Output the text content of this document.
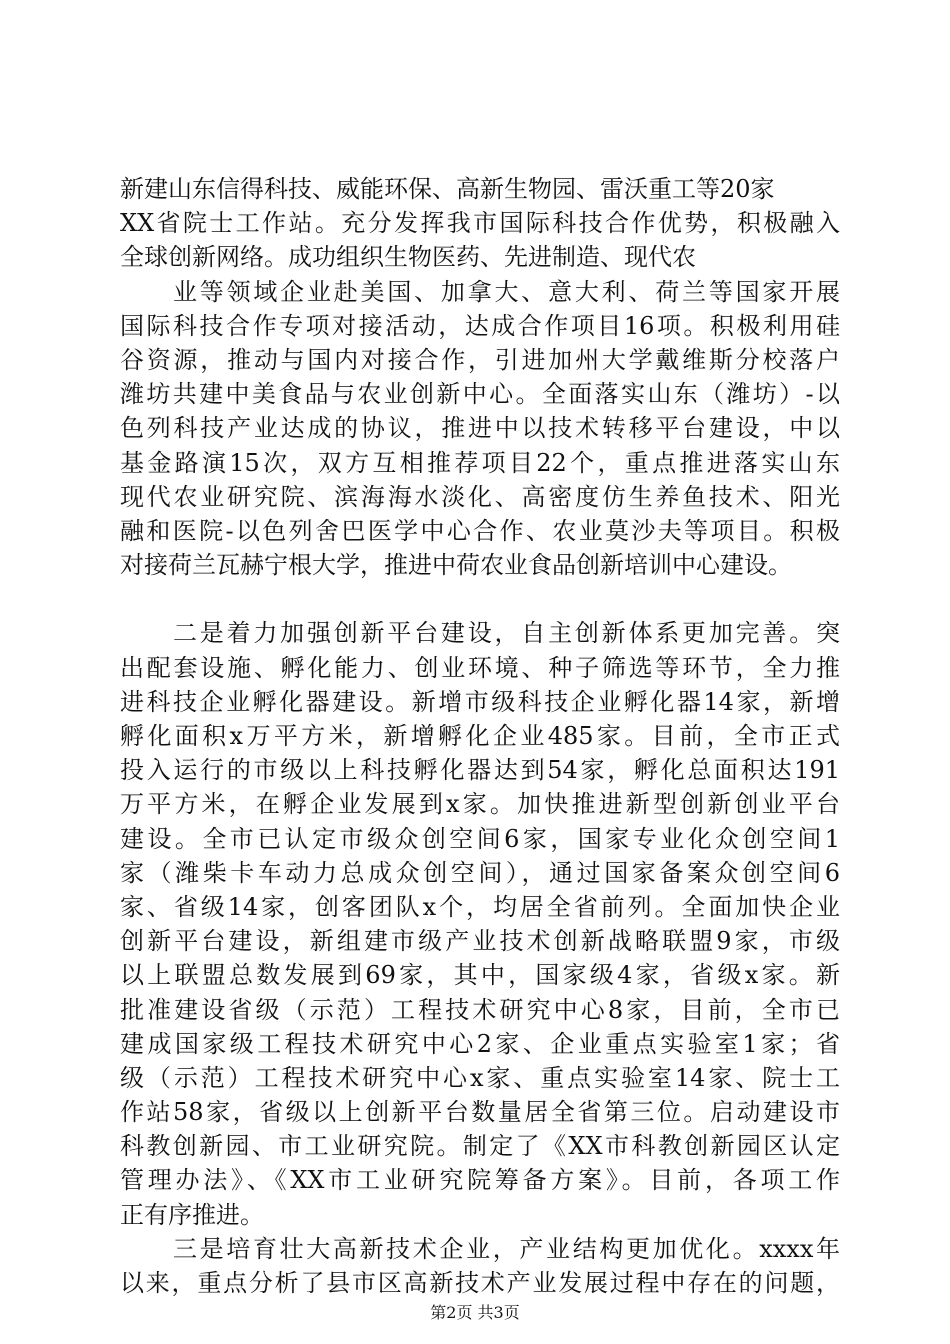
新建山东信得科技、威能环保、高新生物园、雷沃重工等20家
XX省院士工作站。充分发挥我市国际科技合作优势，积极融入
全球创新网络。成功组织生物医药、先进制造、现代农
业等领域企业赴美国、加拿大、意大利、荷兰等国家开展
国际科技合作专项对接活动，达成合作项目16项。积极利用硅
谷资源，推动与国内对接合作，引进加州大学戴维斯分校落户
潍坊共建中美食品与农业创新中心。全面落实山东（潍坊）-以
色列科技产业达成的协议，推进中以技术转移平台建设，中以
基金路演15次，双方互相推荐项目22个，重点推进落实山东
现代农业研究院、滨海海水淡化、高密度仿生养鱼技术、阳光
融和医院-以色列舍巴医学中心合作、农业莫沙夫等项目。积极
对接荷兰瓦赫宁根大学，推进中荷农业食品创新培训中心建设。
二是着力加强创新平台建设，自主创新体系更加完善。突
出配套设施、孵化能力、创业环境、种子筛选等环节，全力推
进科技企业孵化器建设。新增市级科技企业孵化器14家，新增
孵化面积x万平方米，新增孵化企业485家。目前，全市正式
投入运行的市级以上科技孵化器达到54家，孵化总面积达191
万平方米，在孵企业发展到x家。加快推进新型创新创业平台
建设。全市已认定市级众创空间6家，国家专业化众创空间1
家（潍柴卡车动力总成众创空间），通过国家备案众创空间6
家、省级14家，创客团队x个，均居全省前列。全面加快企业
创新平台建设，新组建市级产业技术创新战略联盟9家，市级
以上联盟总数发展到69家，其中，国家级4家，省级x家。新
批准建设省级（示范）工程技术研究中心8家，目前，全市已
建成国家级工程技术研究中心2家、企业重点实验室1家；省
级（示范）工程技术研究中心x家、重点实验室14家、院士工
作站58家，省级以上创新平台数量居全省第三位。启动建设市
科教创新园、市工业研究院。制定了《XX市科教创新园区认定
管理办法》、《XX市工业研究院筹备方案》。目前，各项工作
正有序推进。
三是培育壮大高新技术企业，产业结构更加优化。xxxx年
以来，重点分析了县市区高新技术产业发展过程中存在的问题，
第2页 共3页
